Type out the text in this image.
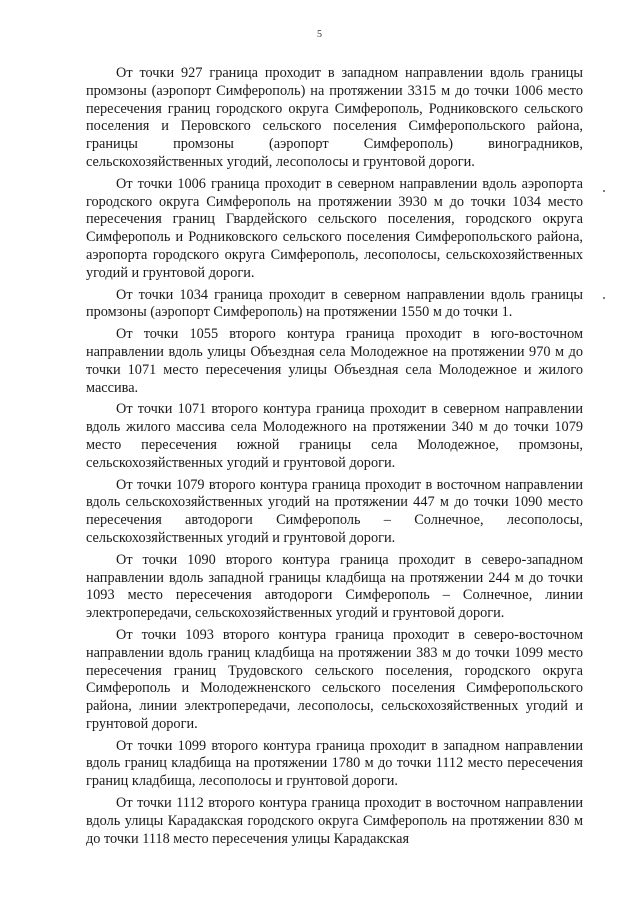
5

От точки 927 граница проходит в западном направлении вдоль границы промзоны (аэропорт Симферополь) на протяжении 3315 м до точки 1006 место пересечения границ городского округа Симферополь, Родниковского сельского поселения и Перовского сельского поселения Симферопольского района, границы промзоны (аэропорт Симферополь) виноградников, сельскохозяйственных угодий, лесополосы и грунтовой дороги.

От точки 1006 граница проходит в северном направлении вдоль аэропорта городского округа Симферополь на протяжении 3930 м до точки 1034 место пересечения границ Гвардейского сельского поселения, городского округа Симферополь и Родниковского сельского поселения Симферопольского района, аэропорта городского округа Симферополь, лесополосы, сельскохозяйственных угодий и грунтовой дороги.

От точки 1034 граница проходит в северном направлении вдоль границы промзоны (аэропорт Симферополь) на протяжении 1550 м до точки 1.

От точки 1055 второго контура граница проходит в юго-восточном направлении вдоль улицы Объездная села Молодежное на протяжении 970 м до точки 1071 место пересечения улицы Объездная села Молодежное и жилого массива.

От точки 1071 второго контура граница проходит в северном направлении вдоль жилого массива села Молодежного на протяжении 340 м до точки 1079 место пересечения южной границы села Молодежное, промзоны, сельскохозяйственных угодий и грунтовой дороги.

От точки 1079 второго контура граница проходит в восточном направлении вдоль сельскохозяйственных угодий на протяжении 447 м до точки 1090 место пересечения автодороги Симферополь – Солнечное, лесополосы, сельскохозяйственных угодий и грунтовой дороги.

От точки 1090 второго контура граница проходит в северо-западном направлении вдоль западной границы кладбища на протяжении 244 м до точки 1093 место пересечения автодороги Симферополь – Солнечное, линии электропередачи, сельскохозяйственных угодий и грунтовой дороги.

От точки 1093 второго контура граница проходит в северо-восточном направлении вдоль границ кладбища на протяжении 383 м до точки 1099 место пересечения границ Трудовского сельского поселения, городского округа Симферополь и Молодежненского сельского поселения Симферопольского района, линии электропередачи, лесополосы, сельскохозяйственных угодий и грунтовой дороги.

От точки 1099 второго контура граница проходит в западном направлении вдоль границ кладбища на протяжении 1780 м до точки 1112 место пересечения границ кладбища, лесополосы и грунтовой дороги.

От точки 1112 второго контура граница проходит в восточном направлении вдоль улицы Карадакская городского округа Симферополь на протяжении 830 м до точки 1118 место пересечения улицы Карадакская
